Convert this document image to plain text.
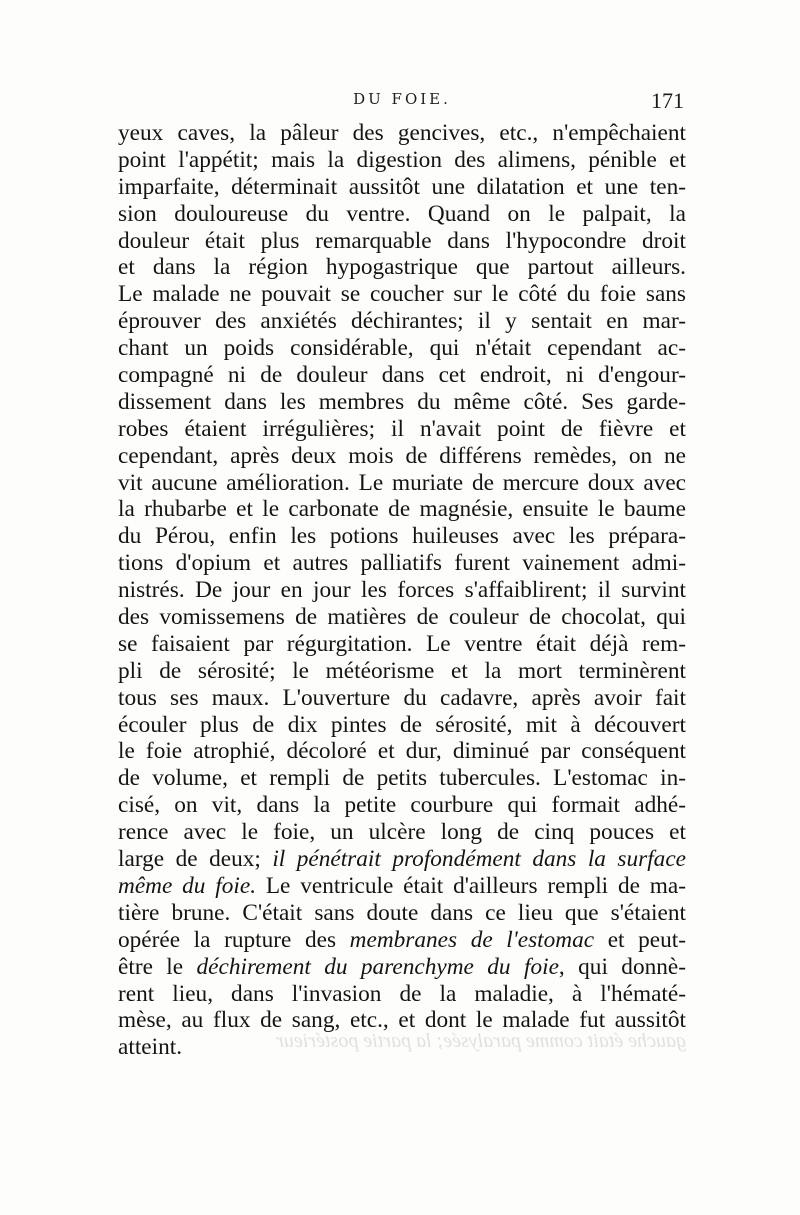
DU FOIE.	171
yeux caves, la pâleur des gencives, etc., n'empêchaient
point l'appétit; mais la digestion des alimens, pénible et
imparfaite, déterminait aussitôt une dilatation et une ten-
sion douloureuse du ventre. Quand on le palpait, la
douleur était plus remarquable dans l'hypocondre droit
et dans la région hypogastrique que partout ailleurs.
Le malade ne pouvait se coucher sur le côté du foie sans
éprouver des anxiétés déchirantes; il y sentait en mar-
chant un poids considérable, qui n'était cependant ac-
compagné ni de douleur dans cet endroit, ni d'engour-
dissement dans les membres du même côté. Ses garde-
robes étaient irrégulières; il n'avait point de fièvre et
cependant, après deux mois de différens remèdes, on ne
vit aucune amélioration. Le muriate de mercure doux avec
la rhubarbe et le carbonate de magnésie, ensuite le baume
du Pérou, enfin les potions huileuses avec les prépara-
tions d'opium et autres palliatifs furent vainement admi-
nistrés. De jour en jour les forces s'affaiblirent; il survint
des vomissemens de matières de couleur de chocolat, qui
se faisaient par régurgitation. Le ventre était déjà rem-
pli de sérosité; le météorisme et la mort terminèrent
tous ses maux. L'ouverture du cadavre, après avoir fait
écouler plus de dix pintes de sérosité, mit à découvert
le foie atrophié, décoloré et dur, diminué par conséquent
de volume, et rempli de petits tubercules. L'estomac in-
cisé, on vit, dans la petite courbure qui formait adhé-
rence avec le foie, un ulcère long de cinq pouces et
large de deux; il pénétrait profondément dans la surface
même du foie. Le ventricule était d'ailleurs rempli de ma-
tière brune. C'était sans doute dans ce lieu que s'étaient
opérée la rupture des membranes de l'estomac et peut-
être le déchirement du parenchyme du foie, qui donnè-
rent lieu, dans l'invasion de la maladie, à l'hématé-
mèse, au flux de sang, etc., et dont le malade fut aussitôt
atteint.	gauche était comme paralysée; la partie postérieur
